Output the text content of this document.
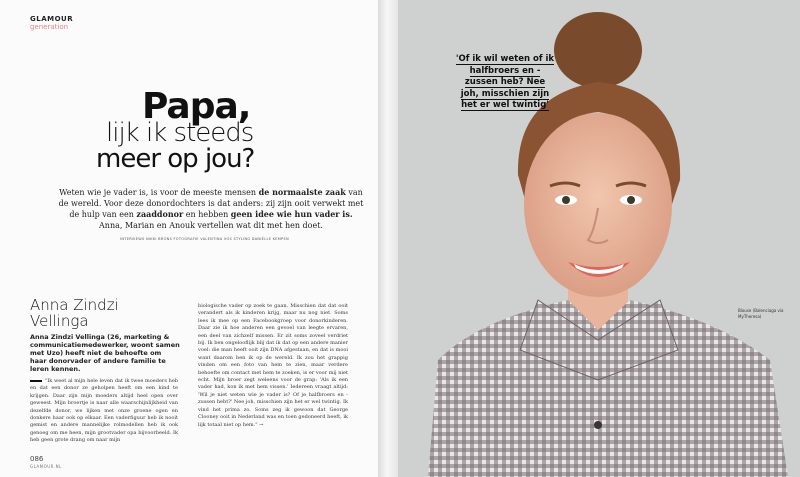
GLAMOUR
generation
Papa,
lijk ik steeds
meer op jou?
Weten wie je vader is, is voor de meeste mensen de normaalste zaak van de wereld. Voor deze donordochters is dat anders: zij zijn ooit verwekt met de hulp van een zaaddonor en hebben geen idee wie hun vader is. Anna, Marian en Anouk vertellen wat dit met hen doet.
INTERVIEWS NIKKI BRONS FOTOGRAFIE VALENTINA VOS STYLING DANIËLLE KEMPEN
Anna Zindzi Vellinga
Anna Zindzi Vellinga (26, marketing & communicatiemedewerker, woont samen met Uzo) heeft niet de behoefte om haar donorvader of andere familie te leren kennen.
"Ik weet al mijn hele leven dat ik twee moeders heb en dat een donor ze geholpen heeft om een kind te krijgen. Daar zijn mijn moeders altijd heel open over geweest. Mijn broertje is naar alle waarschijnlijkheid van dezelfde donor, we lijken met onze groene ogen en donkere haar ook op elkaar. Een vaderfiguur heb ik nooit gemist en andere mannelijke rolmodellen heb ik ook genoeg om me heen, mijn grootvader opa bijvoorbeeld. Ik heb geen grote drang om naar mijn
biologische vader op zoek te gaan. Misschien dat dat ooit verandert als ik kinderen krijg, maar nu nog niet. Soms lees ik mee op een Facebookgroep voor donorkinderen. Daar zie ik hoe anderen een gevoel van leegte ervaren, een deel van zichzelf missen. Er zit soms zoveel verdriet bij. Ik ben ongelooflijk blij dat ik dat op een andere manier voel: die man heeft ooit zijn DNA afgestaan, en dat is mooi want daarom ben ik op de wereld. Ik zou het grappig vinden om een foto van hem te zien, maar verdere behoefte om contact met hem te zoeken, is er voor mij niet echt. Mijn broer zegt weleens voor de grap: 'Als ik een vader had, kon ik met hem vissen.' Iedereen vraagt altijd: 'Wil je niet weten wie je vader is? Of je halfbroers en -zussen hebt?' Nee joh, misschien zijn het er wel twintig. Ik vind het prima zo. Soms zeg ik gewoon dat George Clooney ooit in Nederland was en toen gedoneerd heeft, ik lijk totaal niet op hem." →
086
GLAMOUR.NL
'Of ik wil weten of ik halfbroers en -zussen heb? Nee joh, misschien zijn het er wel twintig'
Blouse (Balenciaga via MyTheresa)
